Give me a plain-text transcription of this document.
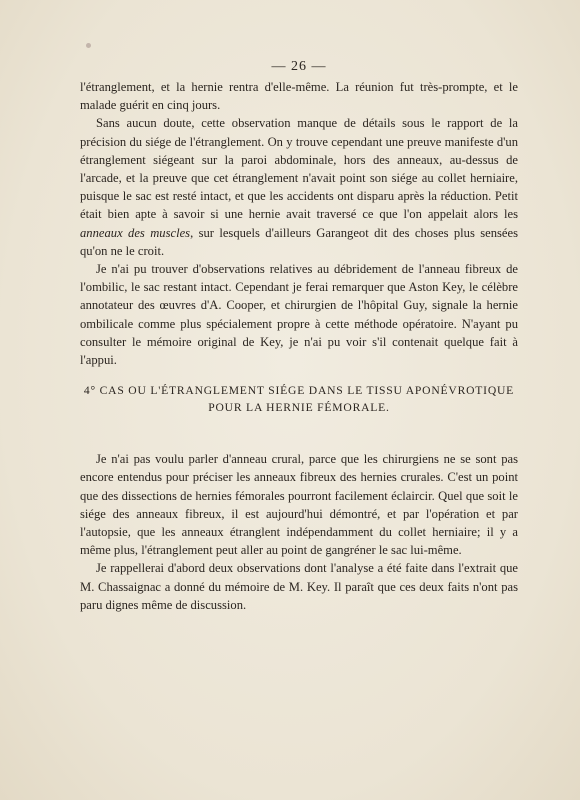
— 26 —

l'étranglement, et la hernie rentra d'elle-même. La réunion fut très-prompte, et le malade guérit en cinq jours.

Sans aucun doute, cette observation manque de détails sous le rapport de la précision du siége de l'étranglement. On y trouve cependant une preuve manifeste d'un étranglement siégeant sur la paroi abdominale, hors des anneaux, au-dessus de l'arcade, et la preuve que cet étranglement n'avait point son siége au collet herniaire, puisque le sac est resté intact, et que les accidents ont disparu après la réduction. Petit était bien apte à savoir si une hernie avait traversé ce que l'on appelait alors les anneaux des muscles, sur lesquels d'ailleurs Garangeot dit des choses plus sensées qu'on ne le croit.

Je n'ai pu trouver d'observations relatives au débridement de l'anneau fibreux de l'ombilic, le sac restant intact. Cependant je ferai remarquer que Aston Key, le célèbre annotateur des œuvres d'A. Cooper, et chirurgien de l'hôpital Guy, signale la hernie ombilicale comme plus spécialement propre à cette méthode opératoire. N'ayant pu consulter le mémoire original de Key, je n'ai pu voir s'il contenait quelque fait à l'appui.

4° CAS OU L'ÉTRANGLEMENT SIÉGE DANS LE TISSU APONÉVROTIQUE
POUR LA HERNIE FÉMORALE.

Je n'ai pas voulu parler d'anneau crural, parce que les chirurgiens ne se sont pas encore entendus pour préciser les anneaux fibreux des hernies crurales. C'est un point que des dissections de hernies fémorales pourront facilement éclaircir. Quel que soit le siége des anneaux fibreux, il est aujourd'hui démontré, et par l'opération et par l'autopsie, que les anneaux étranglent indépendamment du collet herniaire; il y a même plus, l'étranglement peut aller au point de gangréner le sac lui-même.

Je rappellerai d'abord deux observations dont l'analyse a été faite dans l'extrait que M. Chassaignac a donné du mémoire de M. Key. Il paraît que ces deux faits n'ont pas paru dignes même de discussion.
